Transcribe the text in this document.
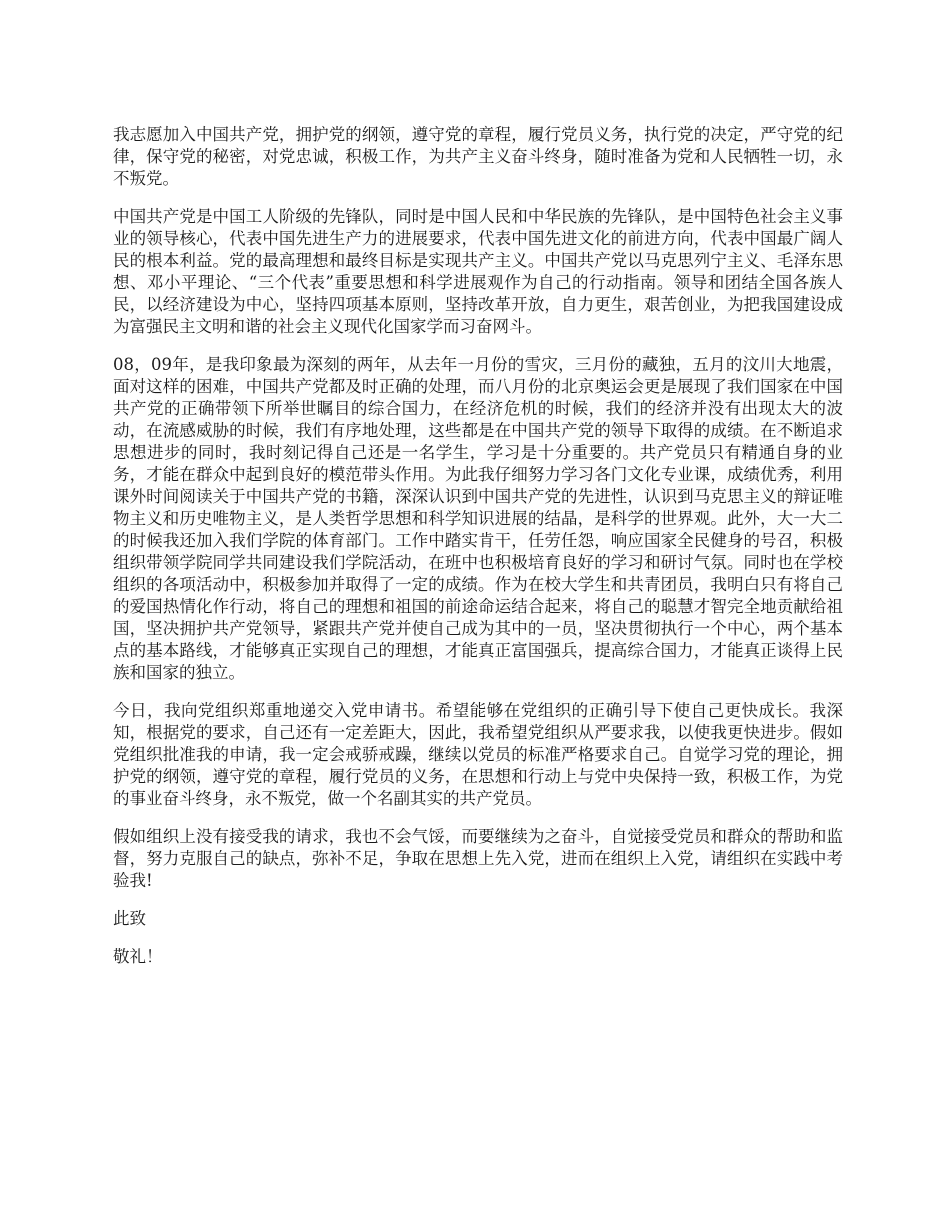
我志愿加入中国共产党，拥护党的纲领，遵守党的章程，履行党员义务，执行党的决定，严守党的纪律，保守党的秘密，对党忠诚，积极工作，为共产主义奋斗终身，随时准备为党和人民牺牲一切，永不叛党。

中国共产党是中国工人阶级的先锋队，同时是中国人民和中华民族的先锋队，是中国特色社会主义事业的领导核心，代表中国先进生产力的进展要求，代表中国先进文化的前进方向，代表中国最广阔人民的根本利益。党的最高理想和最终目标是实现共产主义。中国共产党以马克思列宁主义、毛泽东思想、邓小平理论、“三个代表”重要思想和科学进展观作为自己的行动指南。领导和团结全国各族人民，以经济建设为中心，坚持四项基本原则，坚持改革开放，自力更生，艰苦创业，为把我国建设成为富强民主文明和谐的社会主义现代化国家学而习奋网斗。

08，09年，是我印象最为深刻的两年，从去年一月份的雪灾，三月份的藏独，五月的汶川大地震，面对这样的困难，中国共产党都及时正确的处理，而八月份的北京奥运会更是展现了我们国家在中国共产党的正确带领下所举世瞩目的综合国力，在经济危机的时候，我们的经济并没有出现太大的波动，在流感威胁的时候，我们有序地处理，这些都是在中国共产党的领导下取得的成绩。在不断追求思想进步的同时，我时刻记得自己还是一名学生，学习是十分重要的。共产党员只有精通自身的业务，才能在群众中起到良好的模范带头作用。为此我仔细努力学习各门文化专业课，成绩优秀，利用课外时间阅读关于中国共产党的书籍，深深认识到中国共产党的先进性，认识到马克思主义的辩证唯物主义和历史唯物主义，是人类哲学思想和科学知识进展的结晶，是科学的世界观。此外，大一大二的时候我还加入我们学院的体育部门。工作中踏实肯干，任劳任怨，响应国家全民健身的号召，积极组织带领学院同学共同建设我们学院活动，在班中也积极培育良好的学习和研讨气氛。同时也在学校组织的各项活动中，积极参加并取得了一定的成绩。作为在校大学生和共青团员，我明白只有将自己的爱国热情化作行动，将自己的理想和祖国的前途命运结合起来，将自己的聪慧才智完全地贡献给祖国，坚决拥护共产党领导，紧跟共产党并使自己成为其中的一员，坚决贯彻执行一个中心，两个基本点的基本路线，才能够真正实现自己的理想，才能真正富国强兵，提高综合国力，才能真正谈得上民族和国家的独立。

今日，我向党组织郑重地递交入党申请书。希望能够在党组织的正确引导下使自己更快成长。我深知，根据党的要求，自己还有一定差距大，因此，我希望党组织从严要求我，以使我更快进步。假如党组织批准我的申请，我一定会戒骄戒躁，继续以党员的标准严格要求自己。自觉学习党的理论，拥护党的纲领，遵守党的章程，履行党员的义务，在思想和行动上与党中央保持一致，积极工作，为党的事业奋斗终身，永不叛党，做一个名副其实的共产党员。

假如组织上没有接受我的请求，我也不会气馁，而要继续为之奋斗，自觉接受党员和群众的帮助和监督，努力克服自己的缺点，弥补不足，争取在思想上先入党，进而在组织上入党，请组织在实践中考验我!

此致

敬礼！
